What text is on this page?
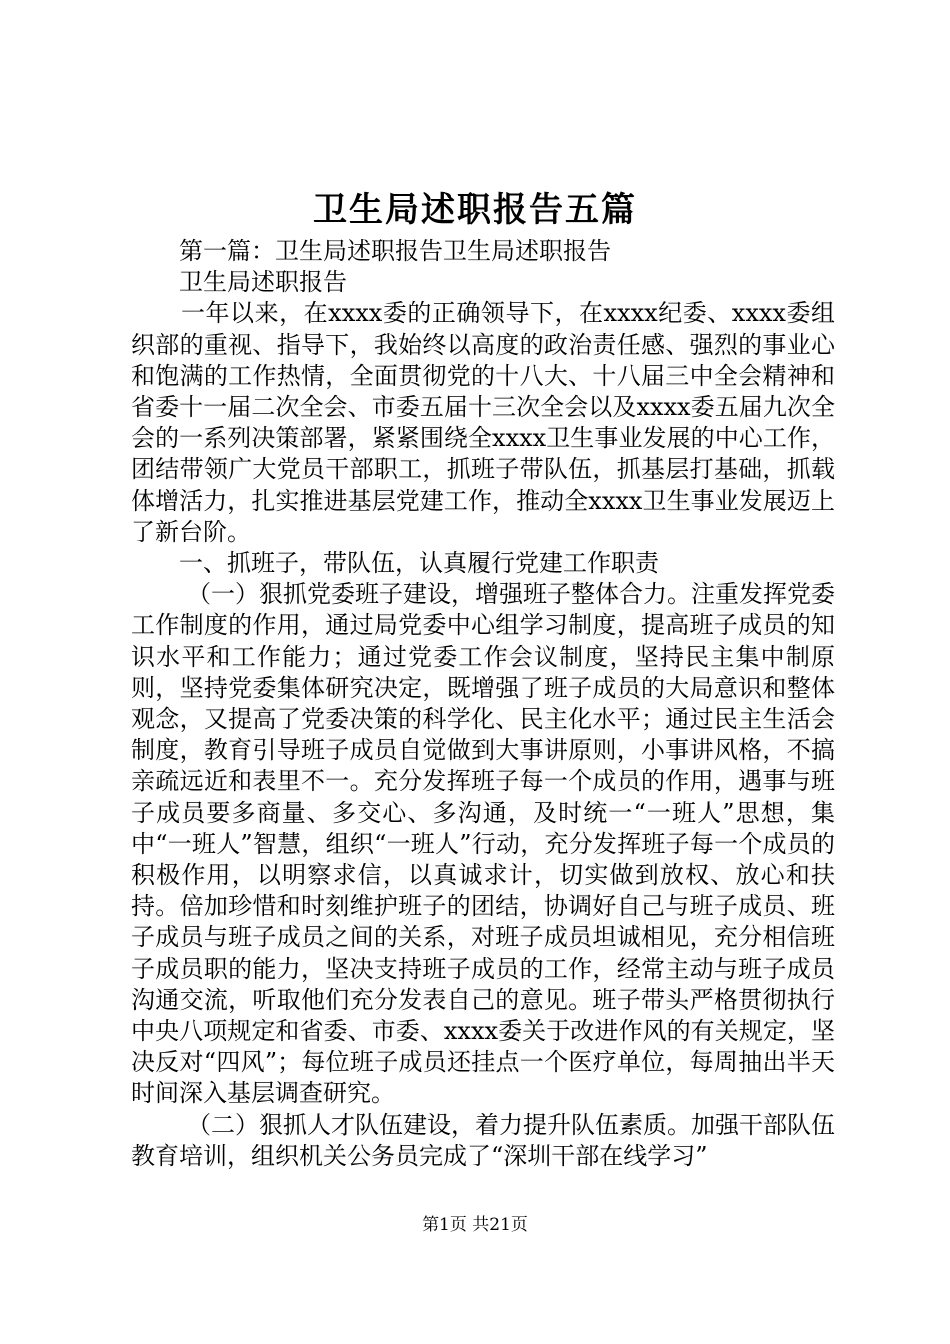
卫生局述职报告五篇

第一篇：卫生局述职报告卫生局述职报告

卫生局述职报告

一年以来，在xxxx委的正确领导下，在xxxx纪委、xxxx委组织部的重视、指导下，我始终以高度的政治责任感、强烈的事业心和饱满的工作热情，全面贯彻党的十八大、十八届三中全会精神和省委十一届二次全会、市委五届十三次全会以及xxxx委五届九次全会的一系列决策部署，紧紧围绕全xxxx卫生事业发展的中心工作，团结带领广大党员干部职工，抓班子带队伍，抓基层打基础，抓载体增活力，扎实推进基层党建工作，推动全xxxx卫生事业发展迈上了新台阶。

一、抓班子，带队伍，认真履行党建工作职责

（一）狠抓党委班子建设，增强班子整体合力。注重发挥党委工作制度的作用，通过局党委中心组学习制度，提高班子成员的知识水平和工作能力；通过党委工作会议制度，坚持民主集中制原则，坚持党委集体研究决定，既增强了班子成员的大局意识和整体观念，又提高了党委决策的科学化、民主化水平；通过民主生活会制度，教育引导班子成员自觉做到大事讲原则，小事讲风格，不搞亲疏远近和表里不一。充分发挥班子每一个成员的作用，遇事与班子成员要多商量、多交心、多沟通，及时统一“一班人”思想，集中“一班人”智慧，组织“一班人”行动，充分发挥班子每一个成员的积极作用，以明察求信，以真诚求计，切实做到放权、放心和扶持。倍加珍惜和时刻维护班子的团结，协调好自己与班子成员、班子成员与班子成员之间的关系，对班子成员坦诚相见，充分相信班子成员职的能力，坚决支持班子成员的工作，经常主动与班子成员沟通交流，听取他们充分发表自己的意见。班子带头严格贯彻执行中央八项规定和省委、市委、xxxx委关于改进作风的有关规定，坚决反对“四风”；每位班子成员还挂点一个医疗单位，每周抽出半天时间深入基层调查研究。

（二）狠抓人才队伍建设，着力提升队伍素质。加强干部队伍教育培训，组织机关公务员完成了“深圳干部在线学习”

第1页 共21页
